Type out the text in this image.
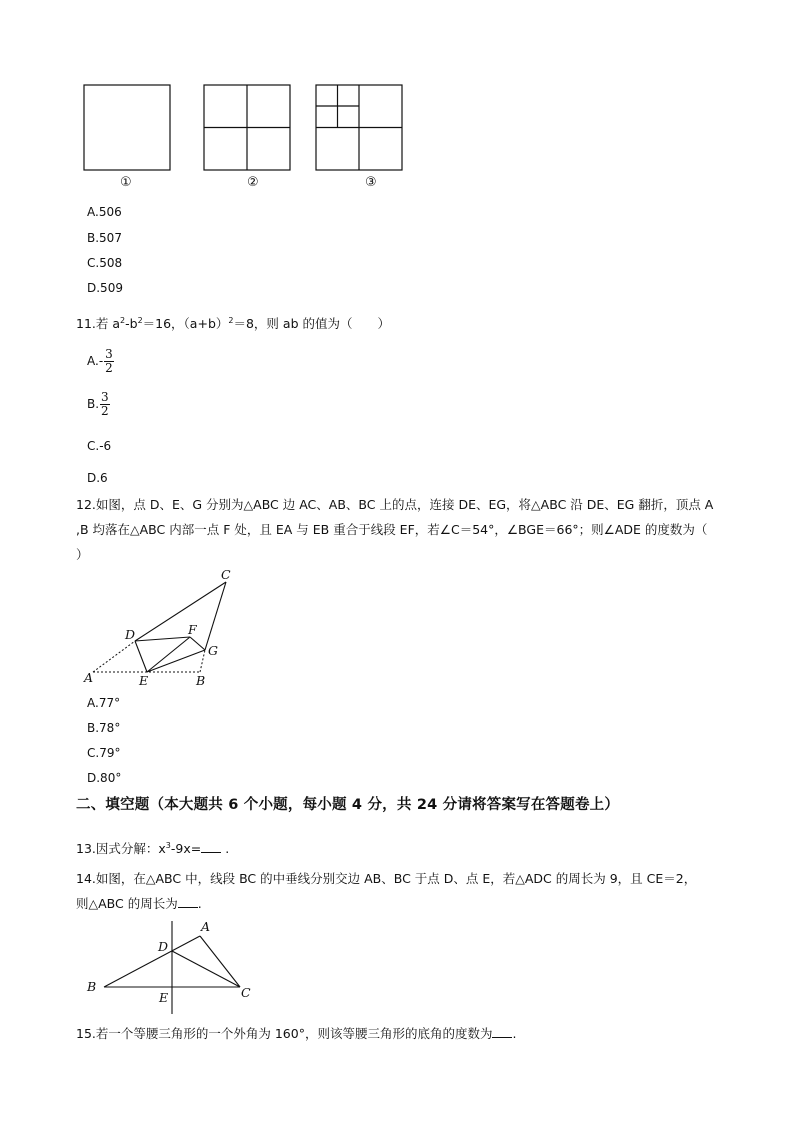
①	②	③
A.506
B.507
C.508
D.509
11.若 $a^2-b^2=16$，$(a+b)^2=8$，则 ab 的值为（　　）
$A.- \frac{3}{2}$
B. $\frac{3}{2}$
C.-6
D.6
12.如图，点 D、E、G 分别为△ABC 边 AC、AB、BC 上的点，连接 DE、EG，将△ABC 沿 DE、EG 翻折，顶点 A
,B 均落在△ABC 内部一点 F 处，且 EA 与 EB 重合于线段 EF，若∠C＝54°，∠BGE＝66°；则∠ADE 的度数为（
）
C
D	F
G
A	E	B
A.77°
B.78°
C.79°
D.80°
二、填空题（本大题共 6 个小题，每小题 4 分，共 24 分请将答案写在答题卷上）
13.因式分解：$x^3-9x=$ .
14.如图，在△ABC 中，线段 BC 的中垂线分别交边 AB、BC 于点 D、点 E，若△ADC 的周长为 9，且 CE＝2，
则△ABC 的周长为 .
A
D
B	C
E
15.若一个等腰三角形的一个外角为 160°，则该等腰三角形的底角的度数为 .
